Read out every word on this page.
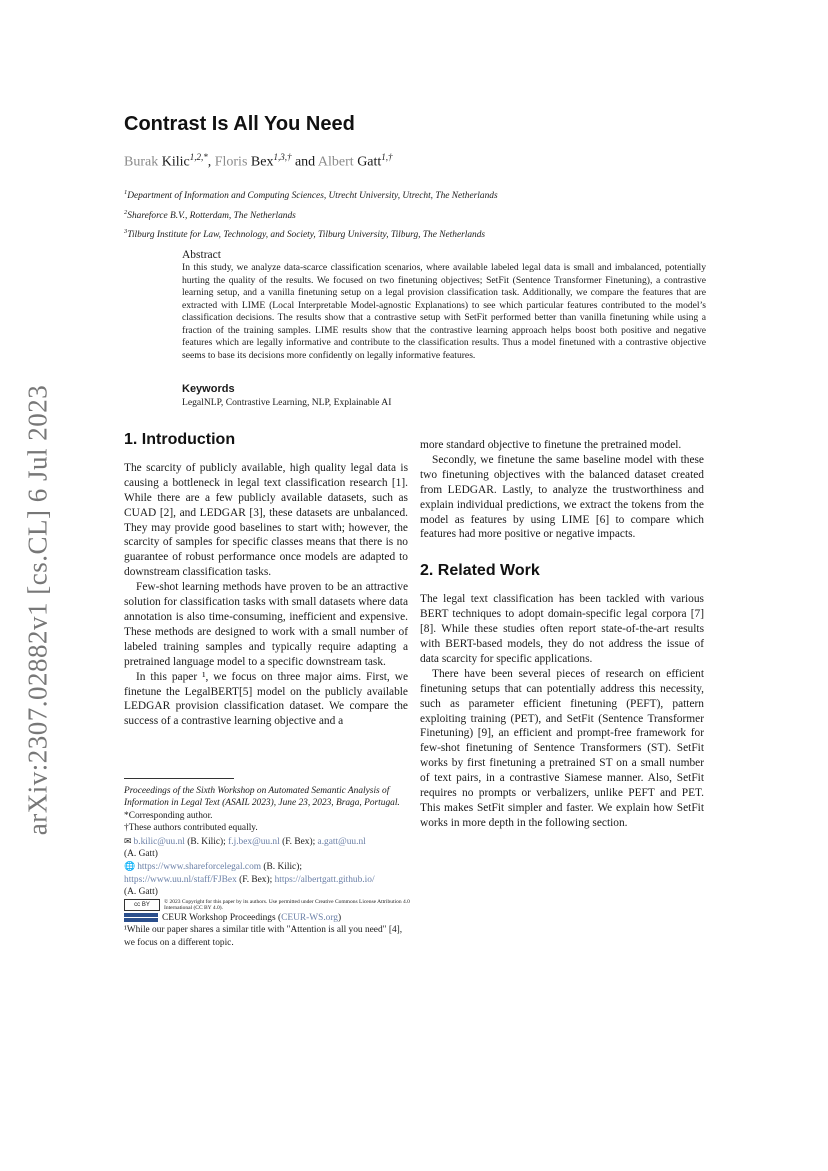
arXiv:2307.02882v1 [cs.CL] 6 Jul 2023
Contrast Is All You Need
Burak Kilic$^{1,2,*}$, Floris Bex$^{1,3,\dagger}$ and Albert Gatt$^{1,\dagger}$
$^1$Department of Information and Computing Sciences, Utrecht University, Utrecht, The Netherlands
$^2$Shareforce B.V., Rotterdam, The Netherlands
$^3$Tilburg Institute for Law, Technology, and Society, Tilburg University, Tilburg, The Netherlands
Abstract

In this study, we analyze data-scarce classification scenarios, where available labeled legal data is small and imbalanced, potentially hurting the quality of the results. We focused on two finetuning objectives; SetFit (Sentence Transformer Finetuning), a contrastive learning setup, and a vanilla finetuning setup on a legal provision classification task. Additionally, we compare the features that are extracted with LIME (Local Interpretable Model-agnostic Explanations) to see which particular features contributed to the model’s classification decisions. The results show that a contrastive setup with SetFit performed better than vanilla finetuning while using a fraction of the training samples. LIME results show that the contrastive learning approach helps boost both positive and negative features which are legally informative and contribute to the classification results. Thus a model finetuned with a contrastive objective seems to base its decisions more confidently on legally informative features.

Keywords
LegalNLP, Contrastive Learning, NLP, Explainable AI
1. Introduction

The scarcity of publicly available, high quality legal data is causing a bottleneck in legal text classification research [1]. While there are a few publicly available datasets, such as CUAD [2], and LEDGAR [3], these datasets are unbalanced. They may provide good baselines to start with; however, the scarcity of samples for specific classes means that there is no guarantee of robust performance once models are adapted to downstream classification tasks.

Few-shot learning methods have proven to be an attractive solution for classification tasks with small datasets where data annotation is also time-consuming, inefficient and expensive. These methods are designed to work with a small number of labeled training samples and typically require adapting a pretrained language model to a specific downstream task.

In this paper ¹, we focus on three major aims. First, we finetune the LegalBERT[5] model on the publicly available LEDGAR provision classification dataset. We compare the success of a contrastive learning objective and a

more standard objective to finetune the pretrained model.

Secondly, we finetune the same baseline model with these two finetuning objectives with the balanced dataset created from LEDGAR. Lastly, to analyze the trustworthiness and explain individual predictions, we extract the tokens from the model as features by using LIME [6] to compare which features had more positive or negative impacts.

2. Related Work

The legal text classification has been tackled with various BERT techniques to adopt domain-specific legal corpora [7] [8]. While these studies often report state-of-the-art results with BERT-based models, they do not address the issue of data scarcity for specific applications.

There have been several pieces of research on efficient finetuning setups that can potentially address this necessity, such as parameter efficient finetuning (PEFT), pattern exploiting training (PET), and SetFit (Sentence Transformer Finetuning) [9], an efficient and prompt-free framework for few-shot finetuning of Sentence Transformers (ST). SetFit works by first finetuning a pretrained ST on a small number of text pairs, in a contrastive Siamese manner. Also, SetFit requires no prompts or verbalizers, unlike PEFT and PET. This makes SetFit simpler and faster. We explain how SetFit works in more depth in the following section.

Proceedings of the Sixth Workshop on Automated Semantic Analysis of Information in Legal Text (ASAIL 2023), June 23, 2023, Braga, Portugal.
*Corresponding author.
†These authors contributed equally.
✉ b.kilic@uu.nl (B. Kilic); f.j.bex@uu.nl (F. Bex); a.gatt@uu.nl
(A. Gatt)
🌐 https://www.shareforcelegal.com (B. Kilic);
https://www.uu.nl/staff/FJBex (F. Bex); https://albertgatt.github.io/
(A. Gatt)
cc BY© 2023 Copyright for this paper by its authors. Use permitted under Creative Commons License Attribution 4.0 International (CC BY 4.0).
CEUR Workshop Proceedings (CEUR-WS.org)
¹While our paper shares a similar title with "Attention is all you need" [4], we focus on a different topic.
